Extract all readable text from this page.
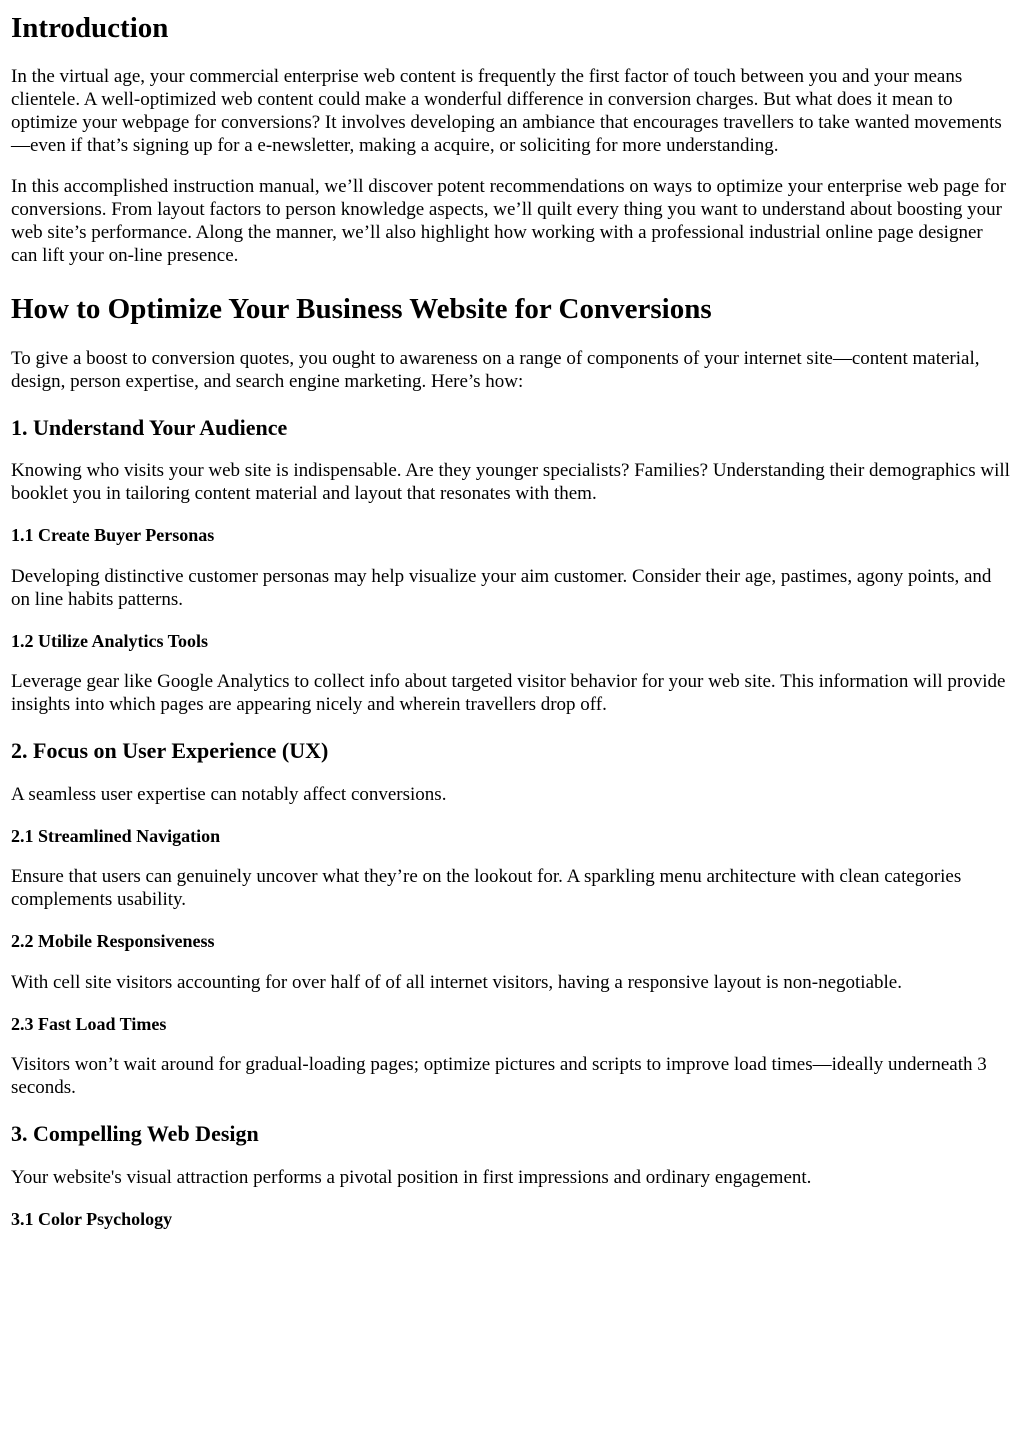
Introduction

In the virtual age, your commercial enterprise web content is frequently the first factor of touch between you and your means clientele. A well-optimized web content could make a wonderful difference in conversion charges. But what does it mean to optimize your webpage for conversions? It involves developing an ambiance that encourages travellers to take wanted movements—even if that’s signing up for a e-newsletter, making a acquire, or soliciting for more understanding.

In this accomplished instruction manual, we’ll discover potent recommendations on ways to optimize your enterprise web page for conversions. From layout factors to person knowledge aspects, we’ll quilt every thing you want to understand about boosting your web site’s performance. Along the manner, we’ll also highlight how working with a professional industrial online page designer can lift your on-line presence.

How to Optimize Your Business Website for Conversions

To give a boost to conversion quotes, you ought to awareness on a range of components of your internet site—content material, design, person expertise, and search engine marketing. Here’s how:

1. Understand Your Audience

Knowing who visits your web site is indispensable. Are they younger specialists? Families? Understanding their demographics will booklet you in tailoring content material and layout that resonates with them.

1.1 Create Buyer Personas

Developing distinctive customer personas may help visualize your aim customer. Consider their age, pastimes, agony points, and on line habits patterns.

1.2 Utilize Analytics Tools

Leverage gear like Google Analytics to collect info about targeted visitor behavior for your web site. This information will provide insights into which pages are appearing nicely and wherein travellers drop off.

2. Focus on User Experience (UX)

A seamless user expertise can notably affect conversions.

2.1 Streamlined Navigation

Ensure that users can genuinely uncover what they’re on the lookout for. A sparkling menu architecture with clean categories complements usability.

2.2 Mobile Responsiveness

With cell site visitors accounting for over half of of all internet visitors, having a responsive layout is non-negotiable.

2.3 Fast Load Times

Visitors won’t wait around for gradual-loading pages; optimize pictures and scripts to improve load times—ideally underneath 3 seconds.

3. Compelling Web Design

Your website's visual attraction performs a pivotal position in first impressions and ordinary engagement.

3.1 Color Psychology
